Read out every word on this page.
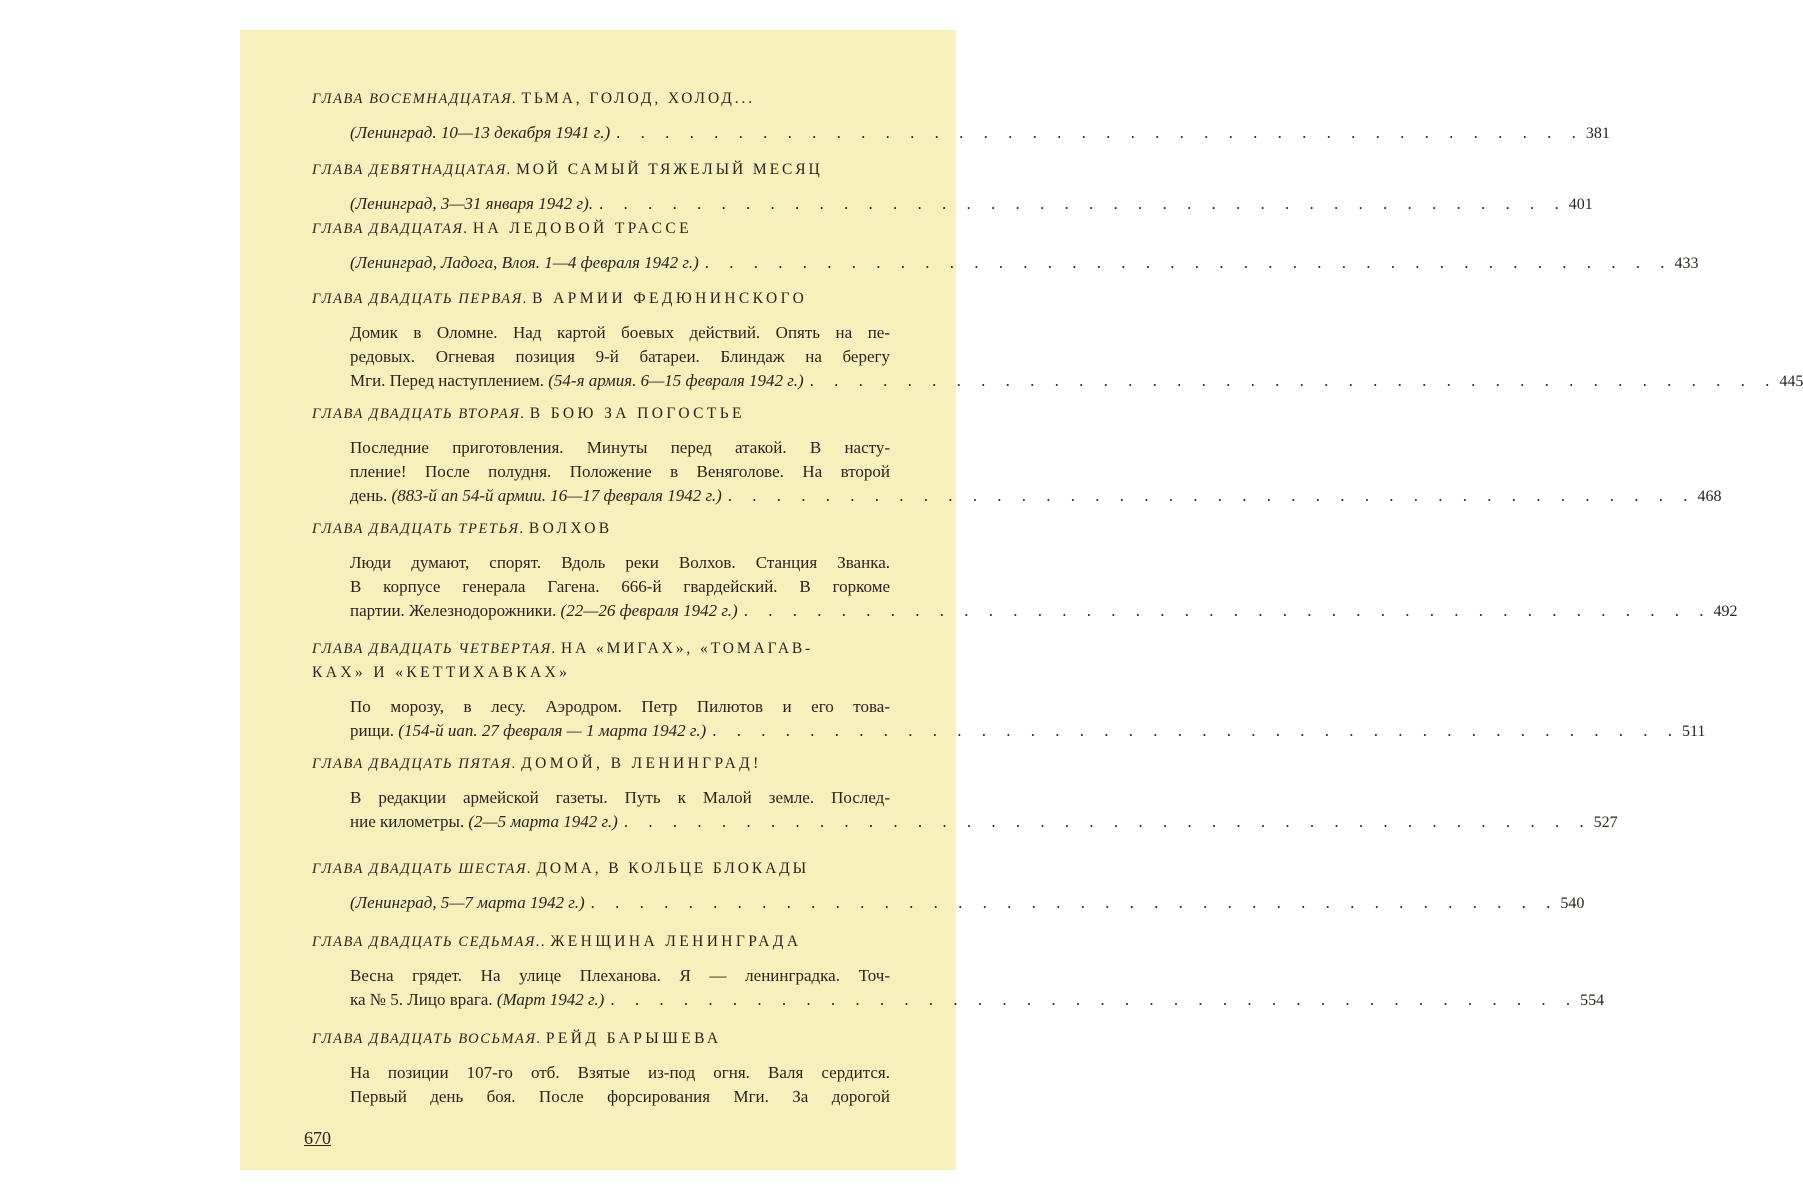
ГЛАВА ВОСЕМНАДЦАТАЯ. ТЬМА, ГОЛОД, ХОЛОД...
(Ленинград. 10—13 декабря 1941 г.) . . . . . . . . . . . . . . . . . . . . . . . . . . . . . . . . . . . . . . . . 381
ГЛАВА ДЕВЯТНАДЦАТАЯ. МОЙ САМЫЙ ТЯЖЕЛЫЙ МЕСЯЦ
(Ленинград, 3—31 января 1942 г). . . . . . . . . . . . . . . . . . . . . . . . . . . . . . . . . . . . . . . . . 401
ГЛАВА ДВАДЦАТАЯ. НА ЛЕДОВОЙ ТРАССЕ
(Ленинград, Ладога, Влоя. 1—4 февраля 1942 г.) . . . . . . . . . . . . . . . . . . . . . . . . . . . . . . . . . . . . . . . . 433
ГЛАВА ДВАДЦАТЬ ПЕРВАЯ. В АРМИИ ФЕДЮНИНСКОГО
Домик в Оломне. Над картой боевых действий. Опять на пе-
редовых. Огневая позиция 9-й батареи. Блиндаж на берегу
Мги. Перед наступлением. (54-я армия. 6—15 февраля 1942 г.) . . . . . . . . . . . . . . . . . . . . . . . . . . . . . . . . . . . . . . . . 445
ГЛАВА ДВАДЦАТЬ ВТОРАЯ. В БОЮ ЗА ПОГОСТЬЕ
Последние приготовления. Минуты перед атакой. В насту-
пление! После полудня. Положение в Веняголове. На второй
день. (883-й ап 54-й армии. 16—17 февраля 1942 г.) . . . . . . . . . . . . . . . . . . . . . . . . . . . . . . . . . . . . . . . . 468
ГЛАВА ДВАДЦАТЬ ТРЕТЬЯ. ВОЛХОВ
Люди думают, спорят. Вдоль реки Волхов. Станция Званка.
В корпусе генерала Гагена. 666-й гвардейский. В горкоме
партии. Железнодорожники. (22—26 февраля 1942 г.) . . . . . . . . . . . . . . . . . . . . . . . . . . . . . . . . . . . . . . . . 492
ГЛАВА ДВАДЦАТЬ ЧЕТВЕРТАЯ. НА «МИГАХ», «ТОМАГАВ-
КАХ» И «КЕТТИХАВКАХ»
По морозу, в лесу. Аэродром. Петр Пилютов и его това-
рищи. (154-й иап. 27 февраля — 1 марта 1942 г.) . . . . . . . . . . . . . . . . . . . . . . . . . . . . . . . . . . . . . . . . 511
ГЛАВА ДВАДЦАТЬ ПЯТАЯ. ДОМОЙ, В ЛЕНИНГРАД!
В редакции армейской газеты. Путь к Малой земле. Послед-
ние километры. (2—5 марта 1942 г.) . . . . . . . . . . . . . . . . . . . . . . . . . . . . . . . . . . . . . . . . 527
ГЛАВА ДВАДЦАТЬ ШЕСТАЯ. ДОМА, В КОЛЬЦЕ БЛОКАДЫ
(Ленинград, 5—7 марта 1942 г.) . . . . . . . . . . . . . . . . . . . . . . . . . . . . . . . . . . . . . . . . 540
ГЛАВА ДВАДЦАТЬ СЕДЬМАЯ.. ЖЕНЩИНА ЛЕНИНГРАДА
Весна грядет. На улице Плеханова. Я — ленинградка. Точ-
ка № 5. Лицо врага. (Март 1942 г.) . . . . . . . . . . . . . . . . . . . . . . . . . . . . . . . . . . . . . . . . 554
ГЛАВА ДВАДЦАТЬ ВОСЬМАЯ. РЕЙД БАРЫШЕВА
На позиции 107-го отб. Взятые из-под огня. Валя сердится.
Первый день боя. После форсирования Мги. За дорогой
670
